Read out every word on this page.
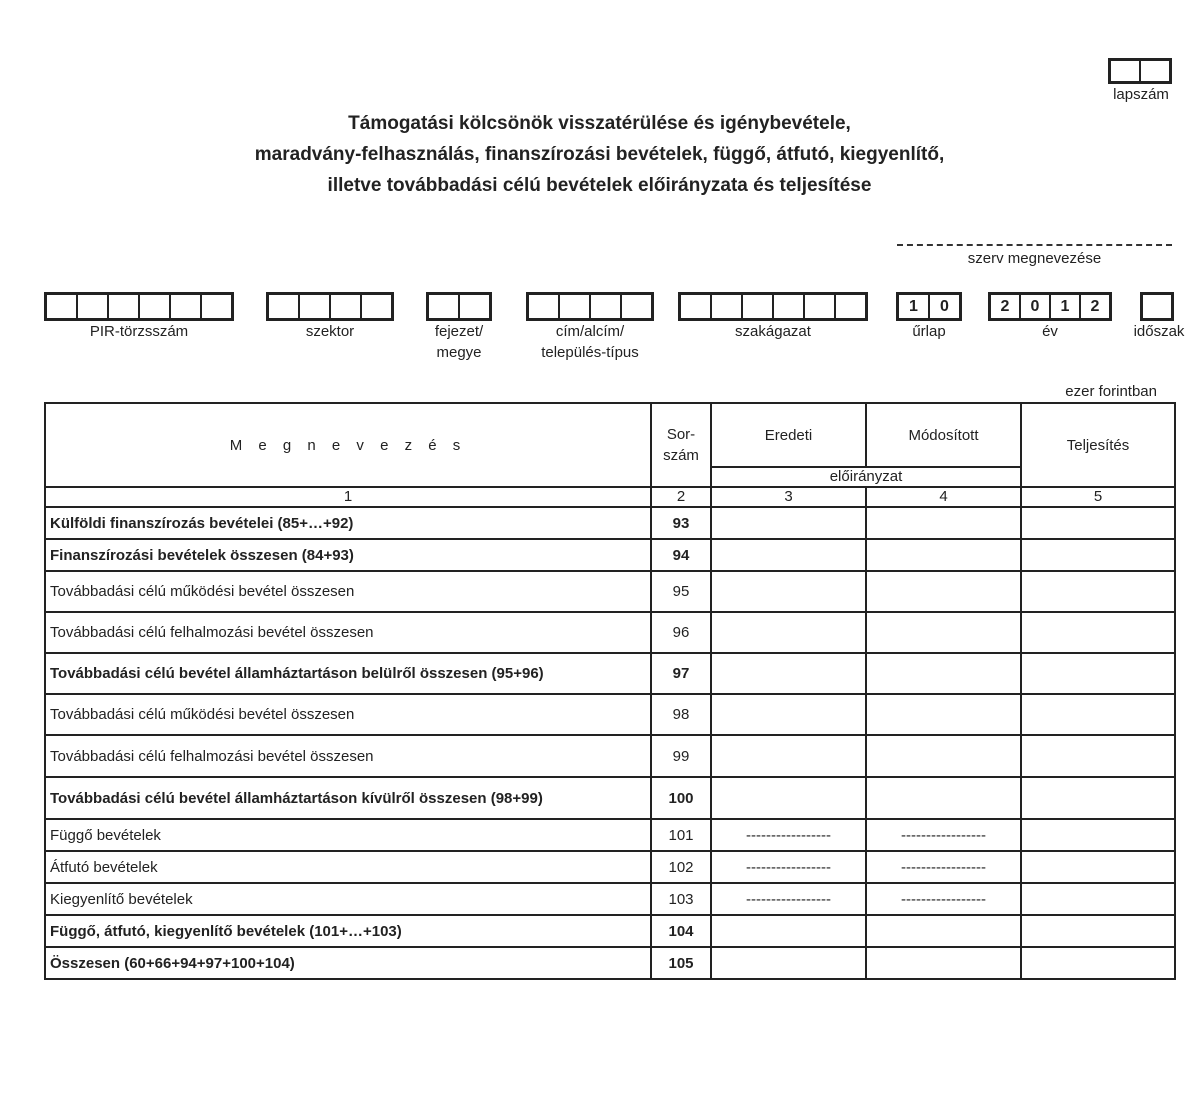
lapszám
Támogatási kölcsönök visszatérülése és igénybevétele,
maradvány-felhasználás, finanszírozási bevételek, függő, átfutó, kiegyenlítő,
illetve továbbadási célú bevételek előirányzata és teljesítése
szerv megnevezése
PIR-törzsszám	szektor	fejezet/
megye
cím/alcím/
település-típus
szakágazat
1	0
űrlap
2	0	1	2
év	időszak
ezer forintban
M e g n e v e z é s	Sor-
szám	Eredeti	Módosított	Teljesítés
		előirányzat		
1	2	3	4	5
Külföldi finanszírozás bevételei (85+…+92)	93			
Finanszírozási bevételek összesen (84+93)	94			
Továbbadási célú működési bevétel összesen	95			
Továbbadási célú felhalmozási bevétel összesen	96			
Továbbadási célú bevétel államháztartáson belülről összesen (95+96)	97			
Továbbadási célú működési bevétel összesen	98			
Továbbadási célú felhalmozási bevétel összesen	99			
Továbbadási célú bevétel államháztartáson kívülről összesen (98+99)	100			
Függő bevételek	101	-----------------	-----------------	
Átfutó bevételek	102	-----------------	-----------------	
Kiegyenlítő bevételek	103	-----------------	-----------------	
Függő, átfutó, kiegyenlítő bevételek (101+…+103)	104			
Összesen (60+66+94+97+100+104)	105			
